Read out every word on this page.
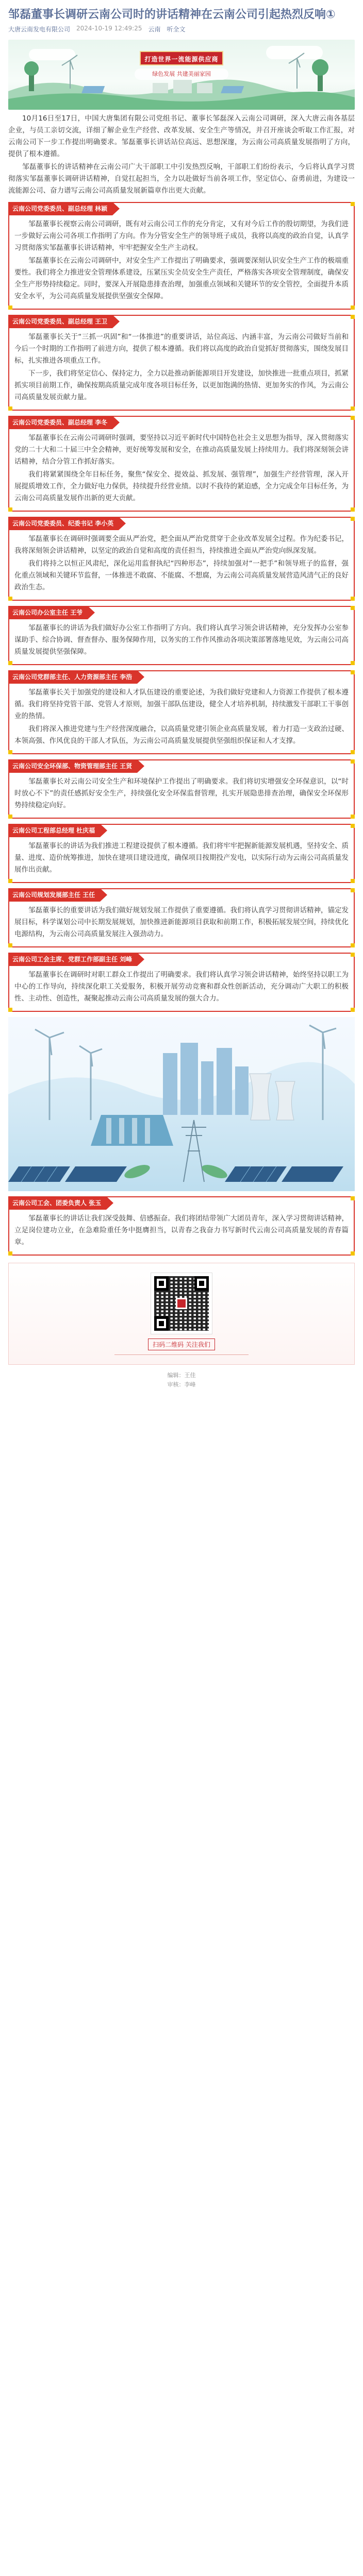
邹磊董事长调研云南公司时的讲话精神在云南公司引起热烈反响①
大唐云南发电有限公司 2024-10-19 12:49:25 云南 听全文
打造世界一流能源供应商
绿色发展 共建美丽家园

10月16日至17日，中国大唐集团有限公司党组书记、董事长邹磊深入云南公司调研，深入大唐云南各基层企业，与员工亲切交流，详细了解企业生产经营、改革发展、安全生产等情况，并召开座谈会听取工作汇报，对云南公司下一步工作提出明确要求。邹磊董事长讲话站位高远、思想深邃，为云南公司高质量发展指明了方向，提供了根本遵循。

邹磊董事长的讲话精神在云南公司广大干部职工中引发热烈反响，干部职工们纷纷表示，今后将认真学习贯彻落实邹磊董事长调研讲话精神，自觉扛起担当，全力以赴做好当前各项工作，坚定信心、奋勇前进，为建设一流能源公司、奋力谱写云南公司高质量发展新篇章作出更大贡献。

云南公司党委委员、副总经理 林颖

邹磊董事长视察云南公司调研，既有对云南公司工作的充分肯定，又有对今后工作的殷切期望，为我们进一步做好云南公司各项工作指明了方向。作为分管安全生产的领导班子成员，我将以高度的政治自觉，认真学习贯彻落实邹磊董事长讲话精神，牢牢把握安全生产主动权。

邹磊董事长在云南公司调研中，对安全生产工作提出了明确要求，强调要深刻认识安全生产工作的极端重要性。我们将全力推进安全管理体系建设，压紧压实全员安全生产责任，严格落实各项安全管理制度，确保安全生产形势持续稳定。同时，要深入开展隐患排查治理，加强重点领域和关键环节的安全管控，全面提升本质安全水平，为公司高质量发展提供坚强安全保障。

云南公司党委委员、副总经理 王卫

邹磊董事长关于“三抓一巩固”和“一体推进”的重要讲话，站位高远、内涵丰富，为云南公司做好当前和今后一个时期的工作指明了前进方向，提供了根本遵循。我们将以高度的政治自觉抓好贯彻落实，围绕发展目标，扎实推进各项重点工作。

下一步，我们将坚定信心、保持定力，全力以赴推动新能源项目开发建设，加快推进一批重点项目，抓紧抓实项目前期工作，确保按期高质量完成年度各项目标任务，以更加饱满的热情、更加务实的作风，为云南公司高质量发展贡献力量。

云南公司党委委员、副总经理 李冬

邹磊董事长在云南公司调研时强调，要坚持以习近平新时代中国特色社会主义思想为指导，深入贯彻落实党的二十大和二十届三中全会精神，更好统筹发展和安全，在推动高质量发展上持续用力。我们将深刻领会讲话精神，结合分管工作抓好落实。

我们将紧紧围绕全年目标任务，聚焦“保安全、提效益、抓发展、强管理”，加强生产经营管理，深入开展提质增效工作，全力做好电力保供，持续提升经营业绩。以时不我待的紧迫感，全力完成全年目标任务，为云南公司高质量发展作出新的更大贡献。

云南公司党委委员、纪委书记 李小英

邹磊董事长在调研时强调要全面从严治党，把全面从严治党贯穿于企业改革发展全过程。作为纪委书记，我将深刻领会讲话精神，以坚定的政治自觉和高度的责任担当，持续推进全面从严治党向纵深发展。

我们将持之以恒正风肃纪，深化运用监督执纪“四种形态”，持续加强对“一把手”和领导班子的监督，强化重点领域和关键环节监督，一体推进不敢腐、不能腐、不想腐，为云南公司高质量发展营造风清气正的良好政治生态。

云南公司办公室主任 王爷

邹磊董事长的讲话为我们做好办公室工作指明了方向。我们将认真学习领会讲话精神，充分发挥办公室参谋助手、综合协调、督查督办、服务保障作用，以务实的工作作风推动各项决策部署落地见效，为云南公司高质量发展提供坚强保障。

云南公司党群部主任、人力资源部主任 李浩

邹磊董事长关于加强党的建设和人才队伍建设的重要论述，为我们做好党建和人力资源工作提供了根本遵循。我们将坚持党管干部、党管人才原则，加强干部队伍建设，健全人才培养机制，持续激发干部职工干事创业的热情。

我们将深入推进党建与生产经营深度融合，以高质量党建引领企业高质量发展，着力打造一支政治过硬、本领高强、作风优良的干部人才队伍，为云南公司高质量发展提供坚强组织保证和人才支撑。

云南公司安全环保部、物资管理部主任 王贤

邹磊董事长对云南公司安全生产和环境保护工作提出了明确要求。我们将切实增强安全环保意识，以“时时放心不下”的责任感抓好安全生产，持续强化安全环保监督管理，扎实开展隐患排查治理，确保安全环保形势持续稳定向好。

云南公司工程部总经理 杜庆福

邹磊董事长的讲话为我们推进工程建设提供了根本遵循。我们将牢牢把握新能源发展机遇，坚持安全、质量、进度、造价统筹推进，加快在建项目建设进度，确保项目按期投产发电，以实际行动为云南公司高质量发展作出贡献。

云南公司规划发展部主任 王任

邹磊董事长的重要讲话为我们做好规划发展工作提供了重要遵循。我们将认真学习贯彻讲话精神，锚定发展目标，科学谋划公司中长期发展规划，加快推进新能源项目获取和前期工作，积极拓展发展空间，持续优化电源结构，为云南公司高质量发展注入强劲动力。

云南公司工会主席、党群工作部副主任 刘峰

邹磊董事长在调研时对职工群众工作提出了明确要求。我们将认真学习领会讲话精神，始终坚持以职工为中心的工作导向，持续深化职工关爱服务，积极开展劳动竞赛和群众性创新活动，充分调动广大职工的积极性、主动性、创造性，凝聚起推动云南公司高质量发展的强大合力。

云南公司工会、团委负责人 张玉

邹磊董事长的讲话让我们深受鼓舞、倍感振奋。我们将团结带领广大团员青年，深入学习贯彻讲话精神，立足岗位建功立业，在急难险重任务中挺膺担当，以青春之我奋力书写新时代云南公司高质量发展的青春篇章。

扫码二维码 关注我们
编辑：王佳
审核：李峰
